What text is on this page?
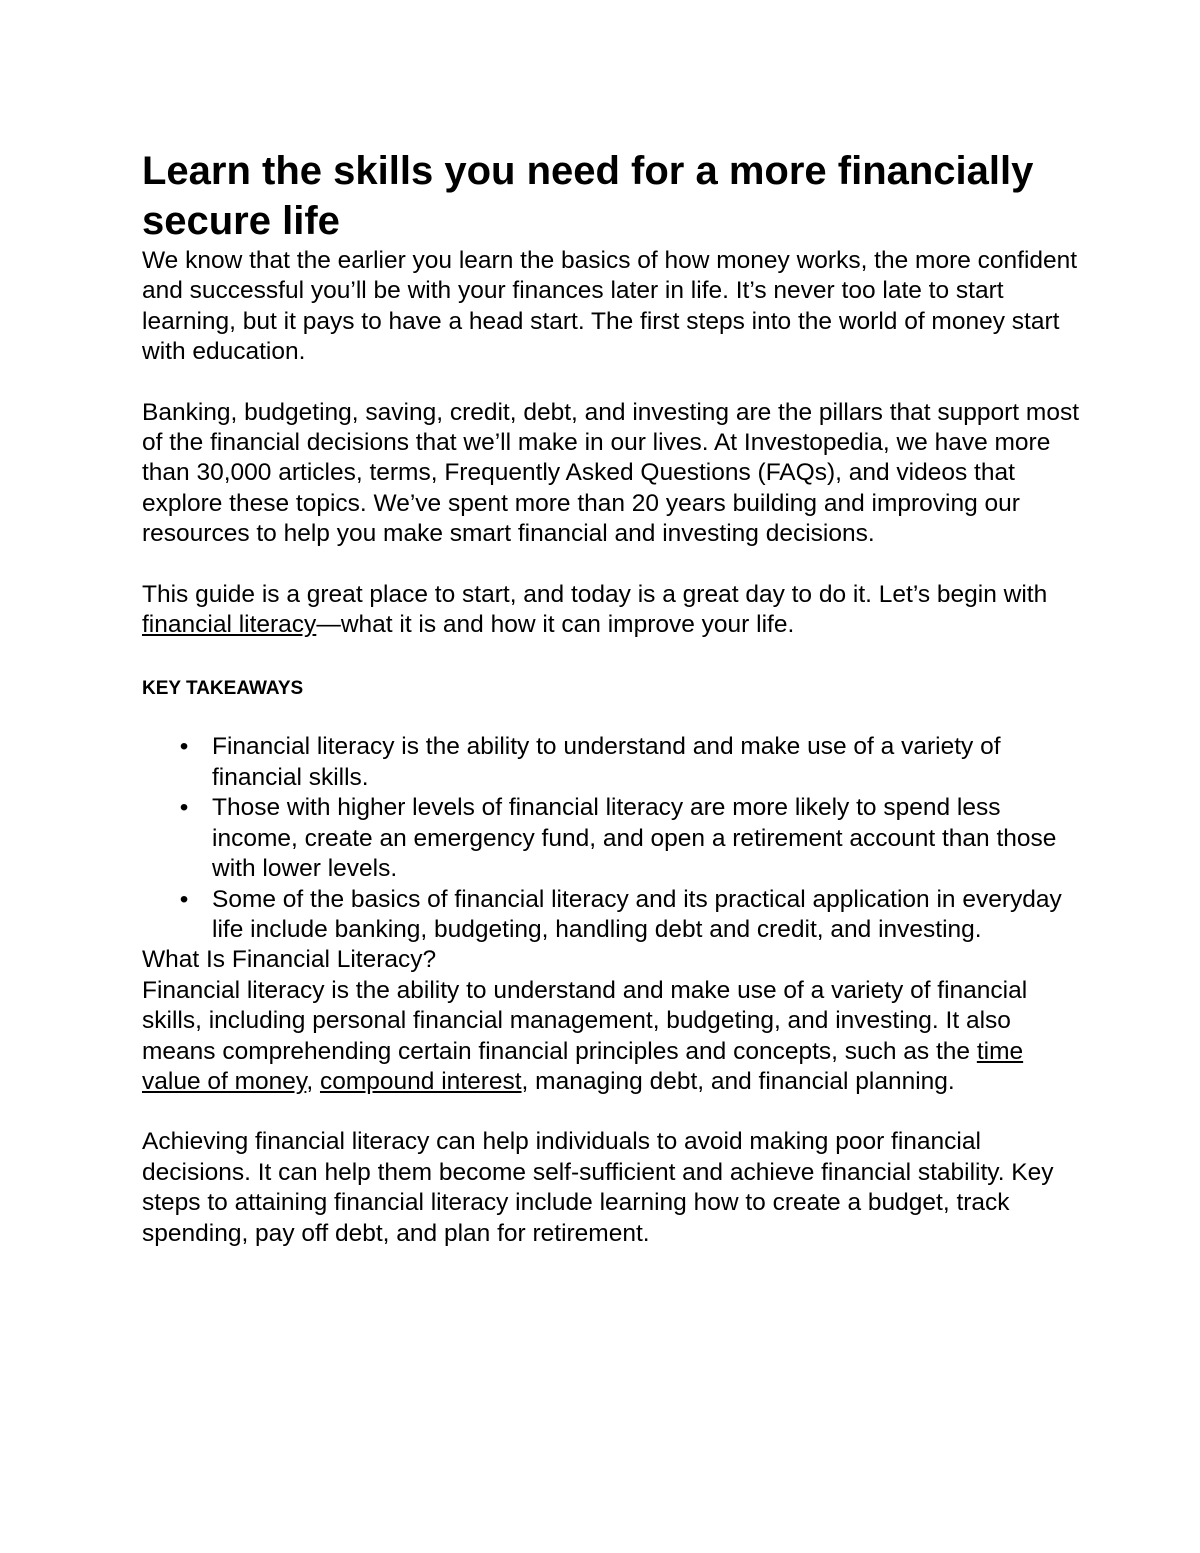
Learn the skills you need for a more financially secure life

We know that the earlier you learn the basics of how money works, the more confident and successful you’ll be with your finances later in life. It’s never too late to start learning, but it pays to have a head start. The first steps into the world of money start with education.

Banking, budgeting, saving, credit, debt, and investing are the pillars that support most of the financial decisions that we’ll make in our lives. At Investopedia, we have more than 30,000 articles, terms, Frequently Asked Questions (FAQs), and videos that explore these topics. We’ve spent more than 20 years building and improving our resources to help you make smart financial and investing decisions.

This guide is a great place to start, and today is a great day to do it. Let’s begin with financial literacy—what it is and how it can improve your life.

KEY TAKEAWAYS
• Financial literacy is the ability to understand and make use of a variety of financial skills.
• Those with higher levels of financial literacy are more likely to spend less income, create an emergency fund, and open a retirement account than those with lower levels.
• Some of the basics of financial literacy and its practical application in everyday life include banking, budgeting, handling debt and credit, and investing.

What Is Financial Literacy?

Financial literacy is the ability to understand and make use of a variety of financial skills, including personal financial management, budgeting, and investing. It also means comprehending certain financial principles and concepts, such as the time value of money, compound interest, managing debt, and financial planning.

Achieving financial literacy can help individuals to avoid making poor financial decisions. It can help them become self-sufficient and achieve financial stability. Key steps to attaining financial literacy include learning how to create a budget, track spending, pay off debt, and plan for retirement.
